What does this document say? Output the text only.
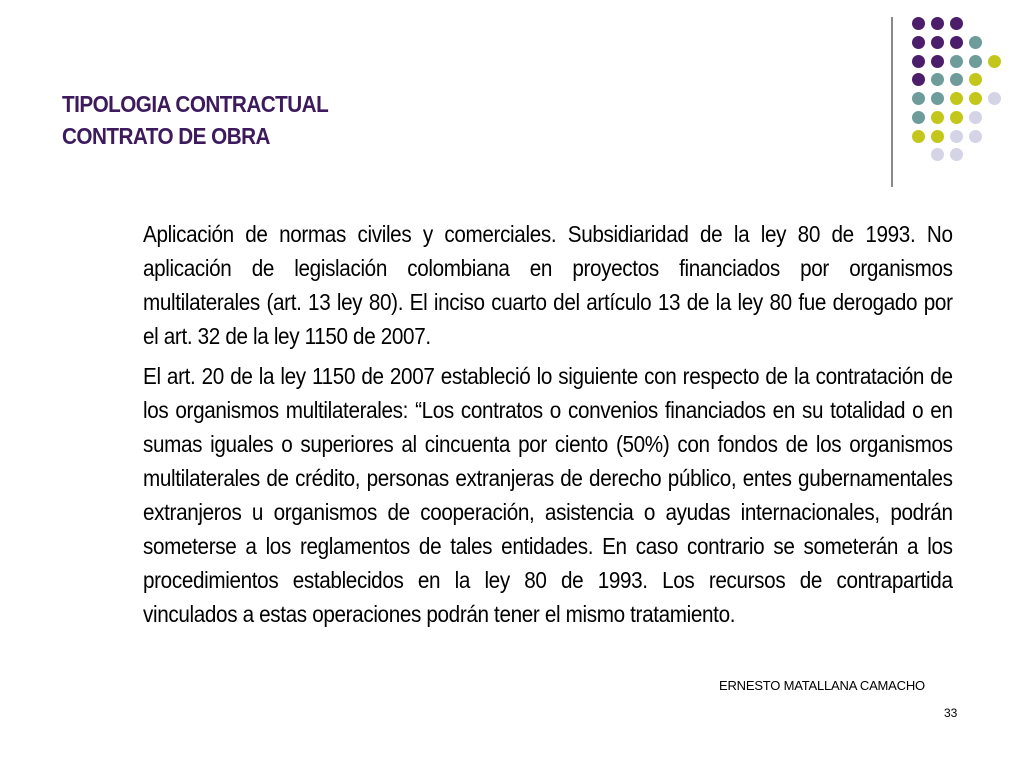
TIPOLOGIA CONTRACTUAL
CONTRATO DE OBRA

Aplicación de normas civiles y comerciales. Subsidiaridad de la ley 80 de 1993. No aplicación de legislación colombiana en proyectos financiados por organismos multilaterales (art. 13 ley 80). El inciso cuarto del artículo 13 de la ley 80 fue derogado por el art. 32 de la ley 1150 de 2007.

El art. 20 de la ley 1150 de 2007 estableció lo siguiente con respecto de la contratación de los organismos multilaterales: “Los contratos o convenios financiados en su totalidad o en sumas iguales o superiores al cincuenta por ciento (50%) con fondos de los organismos multilaterales de crédito, personas extranjeras de derecho público, entes gubernamentales extranjeros u organismos de cooperación, asistencia o ayudas internacionales, podrán someterse a los reglamentos de tales entidades. En caso contrario se someterán a los procedimientos establecidos en la ley 80 de 1993. Los recursos de contrapartida vinculados a estas operaciones podrán tener el mismo tratamiento.

ERNESTO MATALLANA CAMACHO
33
